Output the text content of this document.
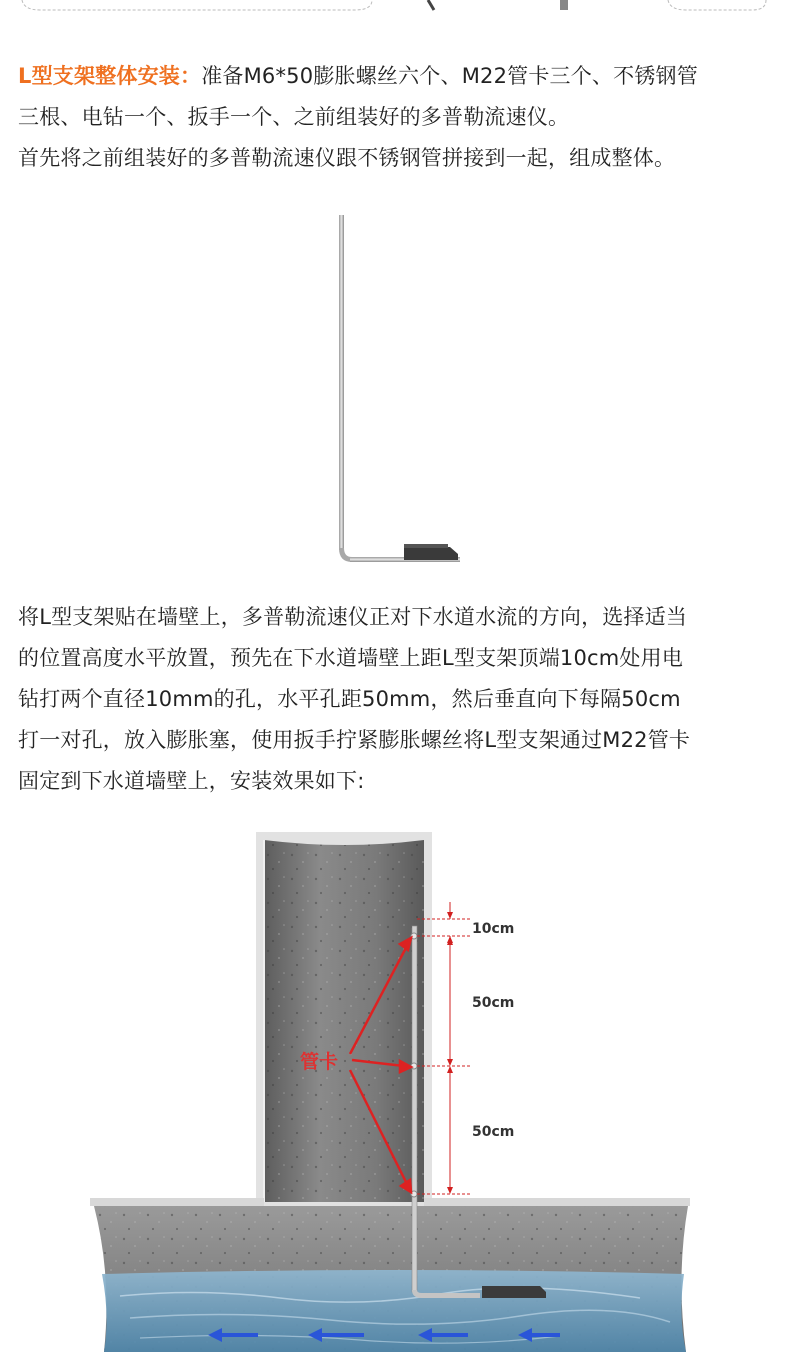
L型支架整体安装：准备M6*50膨胀螺丝六个、M22管卡三个、不锈钢管
三根、电钻一个、扳手一个、之前组装好的多普勒流速仪。
首先将之前组装好的多普勒流速仪跟不锈钢管拼接到一起，组成整体。
将L型支架贴在墙壁上，多普勒流速仪正对下水道水流的方向，选择适当
的位置高度水平放置，预先在下水道墙壁上距L型支架顶端10cm处用电
钻打两个直径10mm的孔，水平孔距50mm，然后垂直向下每隔50cm
打一对孔，放入膨胀塞，使用扳手拧紧膨胀螺丝将L型支架通过M22管卡
固定到下水道墙壁上，安装效果如下:
管卡
10cm
50cm
50cm
